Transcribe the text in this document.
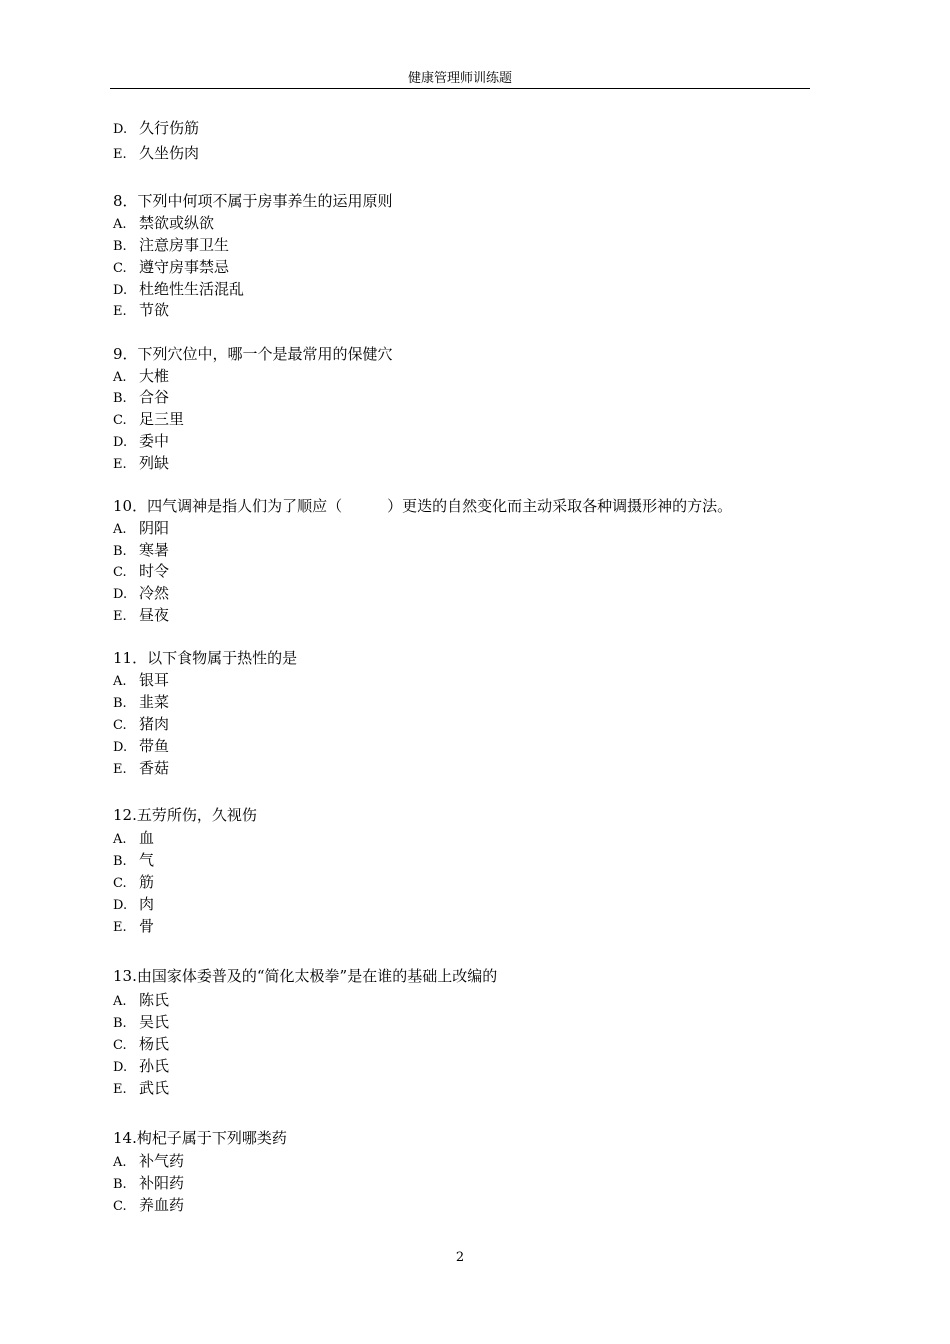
健康管理师训练题
D. 久行伤筋
E. 久坐伤肉
8．下列中何项不属于房事养生的运用原则
A. 禁欲或纵欲
B. 注意房事卫生
C. 遵守房事禁忌
D. 杜绝性生活混乱
E. 节欲
9．下列穴位中，哪一个是最常用的保健穴
A. 大椎
B. 合谷
C. 足三里
D. 委中
E. 列缺
10．四气调神是指人们为了顺应（　　　）更迭的自然变化而主动采取各种调摄形神的方法。
A. 阴阳
B. 寒暑
C. 时令
D. 冷然
E. 昼夜
11．以下食物属于热性的是
A. 银耳
B. 韭菜
C. 猪肉
D. 带鱼
E. 香菇
12.五劳所伤，久视伤
A. 血
B. 气
C. 筋
D. 肉
E. 骨
13.由国家体委普及的“简化太极拳”是在谁的基础上改编的
A. 陈氏
B. 吴氏
C. 杨氏
D. 孙氏
E. 武氏
14.枸杞子属于下列哪类药
A. 补气药
B. 补阳药
C. 养血药
2
